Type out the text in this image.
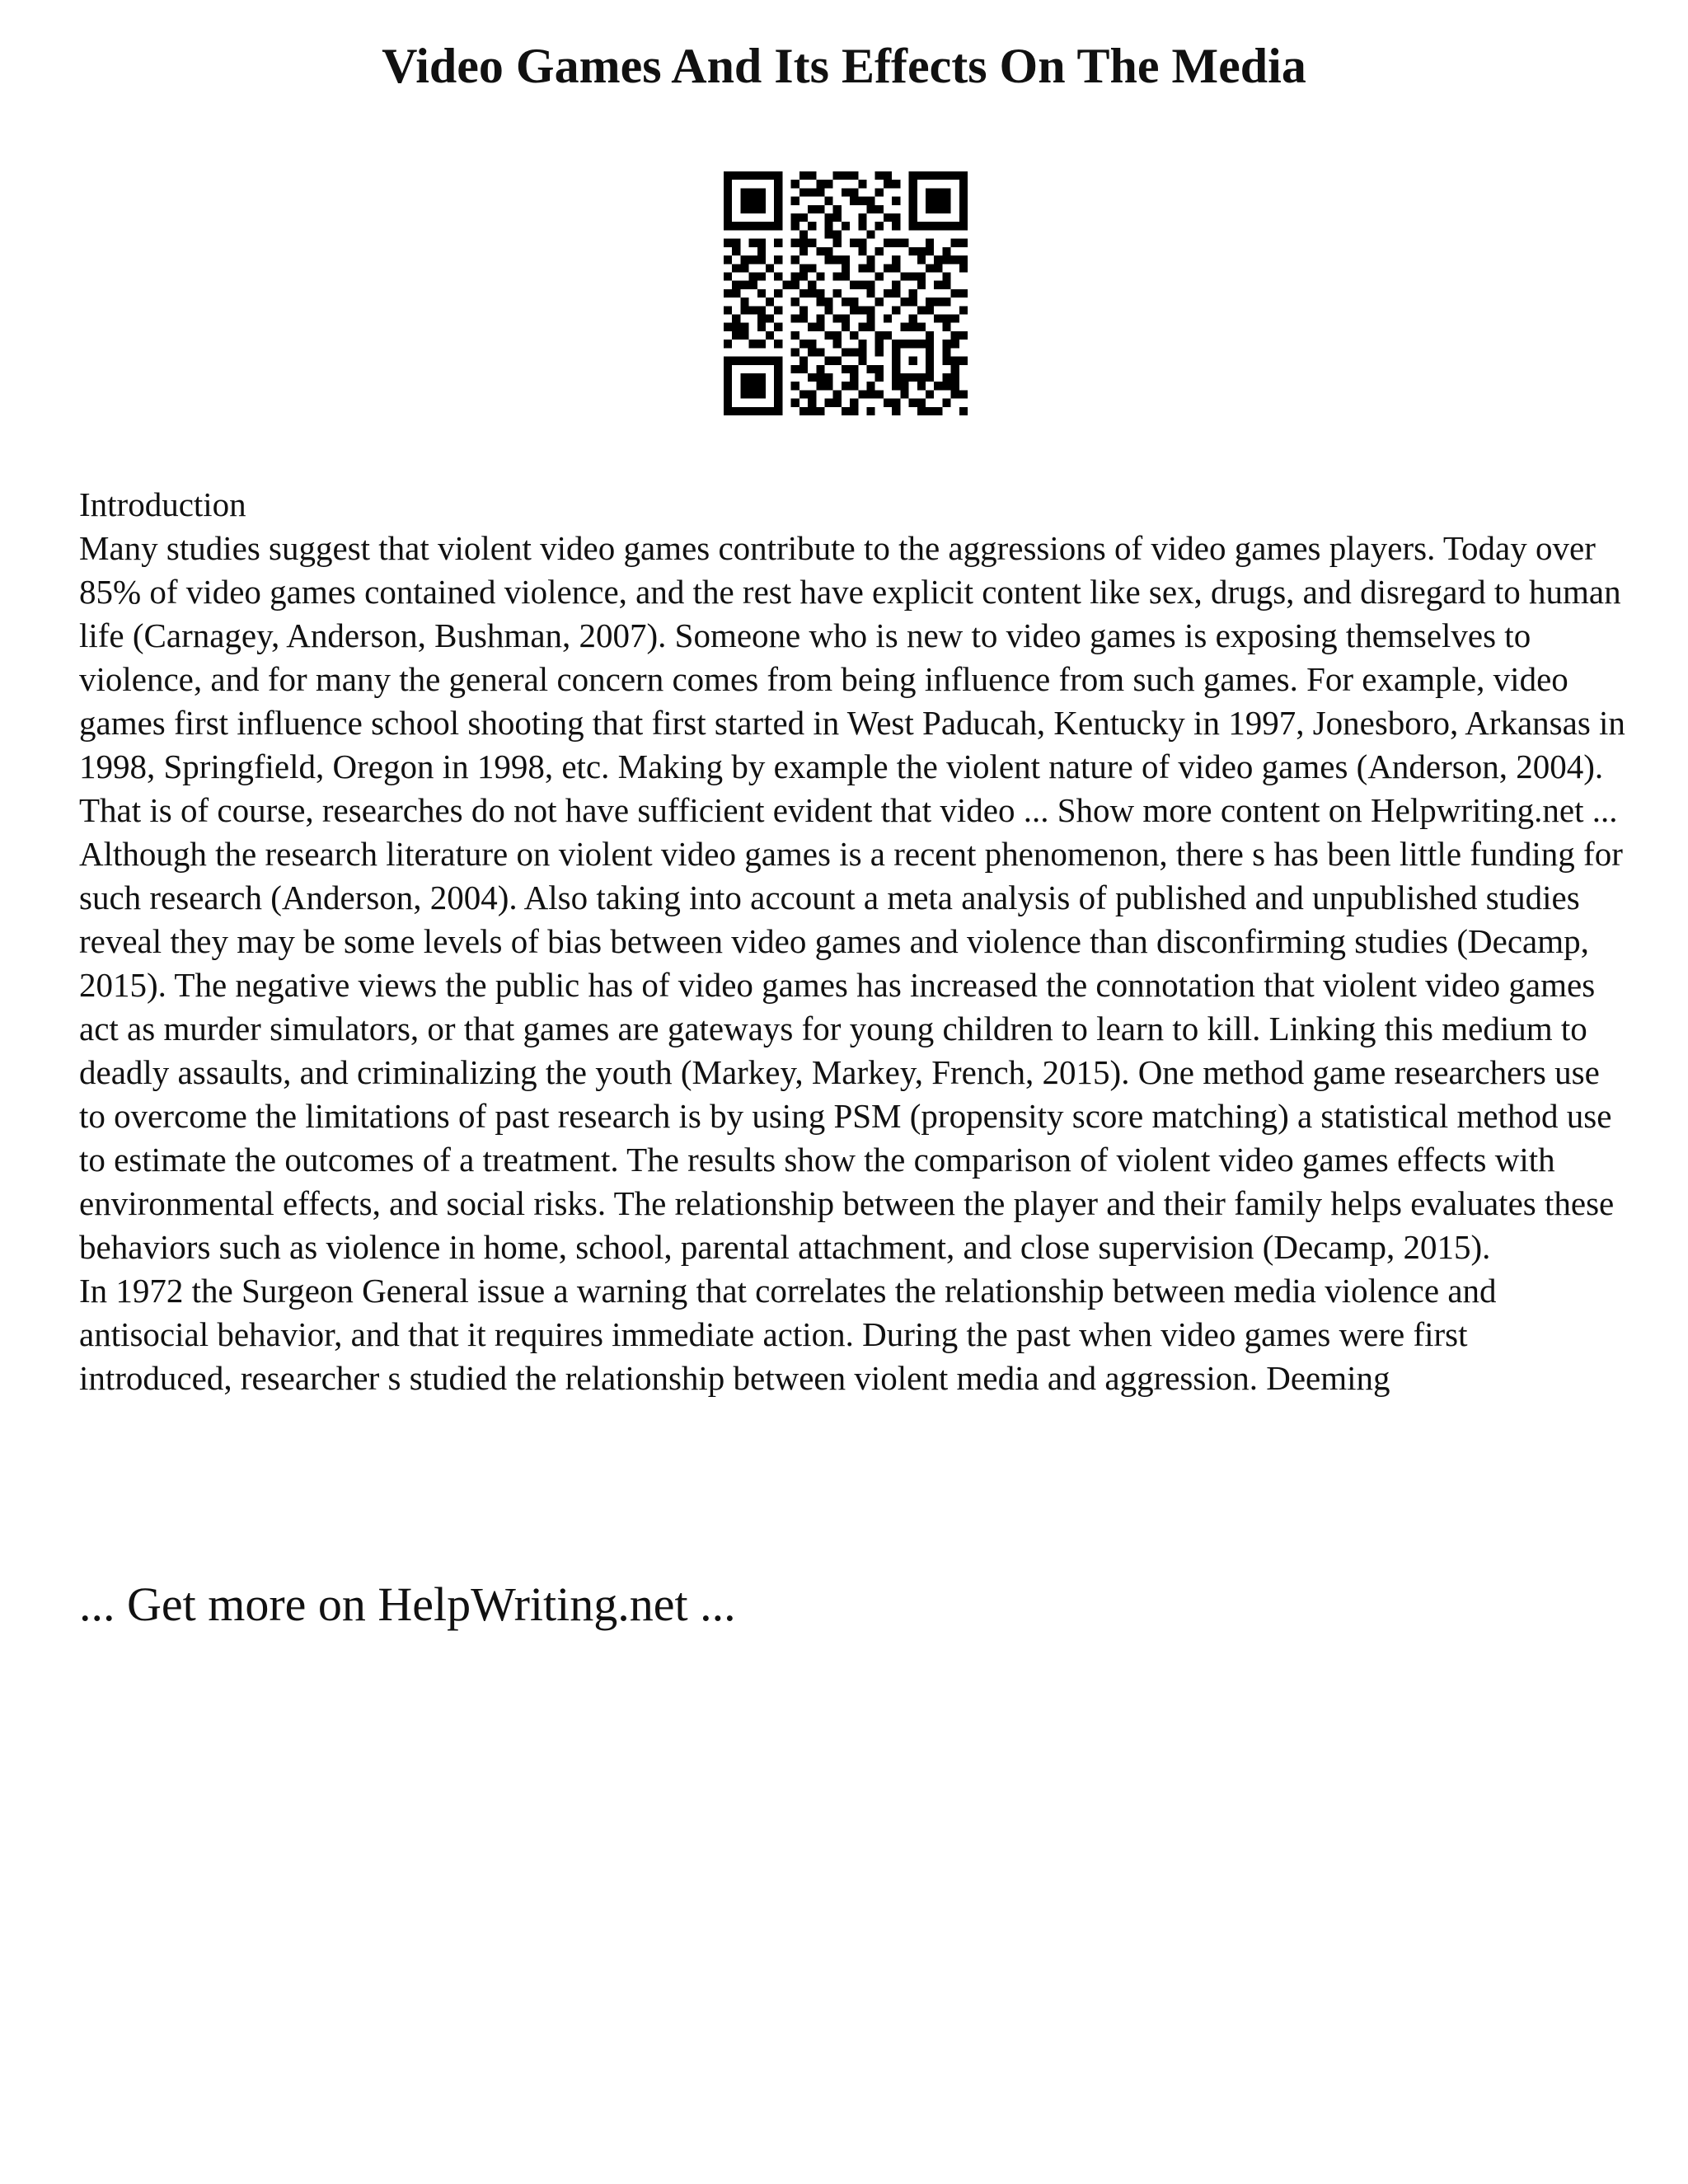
Video Games And Its Effects On The Media

Introduction

Many studies suggest that violent video games contribute to the aggressions of video games players. Today over 85% of video games contained violence, and the rest have explicit content like sex, drugs, and disregard to human life (Carnagey, Anderson, Bushman, 2007). Someone who is new to video games is exposing themselves to violence, and for many the general concern comes from being influence from such games. For example, video games first influence school shooting that first started in West Paducah, Kentucky in 1997, Jonesboro, Arkansas in 1998, Springfield, Oregon in 1998, etc. Making by example the violent nature of video games (Anderson, 2004). That is of course, researches do not have sufficient evident that video ... Show more content on Helpwriting.net ...

Although the research literature on violent video games is a recent phenomenon, there s has been little funding for such research (Anderson, 2004). Also taking into account a meta analysis of published and unpublished studies reveal they may be some levels of bias between video games and violence than disconfirming studies (Decamp, 2015). The negative views the public has of video games has increased the connotation that violent video games act as murder simulators, or that games are gateways for young children to learn to kill. Linking this medium to deadly assaults, and criminalizing the youth (Markey, Markey, French, 2015). One method game researchers use to overcome the limitations of past research is by using PSM (propensity score matching) a statistical method use to estimate the outcomes of a treatment. The results show the comparison of violent video games effects with environmental effects, and social risks. The relationship between the player and their family helps evaluates these behaviors such as violence in home, school, parental attachment, and close supervision (Decamp, 2015).

In 1972 the Surgeon General issue a warning that correlates the relationship between media violence and antisocial behavior, and that it requires immediate action. During the past when video games were first introduced, researcher s studied the relationship between violent media and aggression. Deeming

... Get more on HelpWriting.net ...
